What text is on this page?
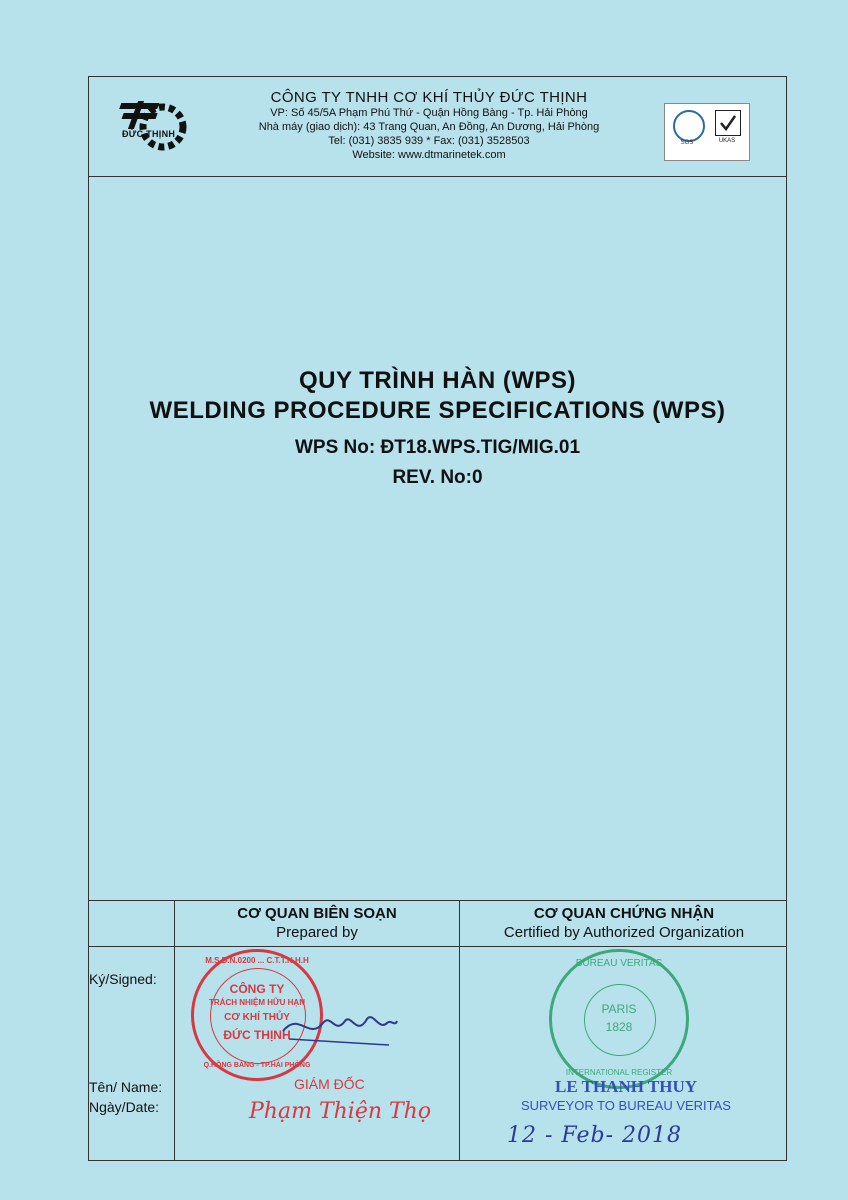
ĐỨC THỊNH
CÔNG TY TNHH CƠ KHÍ THỦY ĐỨC THỊNH
VP: Số 45/5A Phạm Phú Thứ - Quận Hồng Bàng - Tp. Hải Phòng
Nhà máy (giao dịch): 43 Trang Quan, An Đồng, An Dương, Hải Phòng
Tel: (031) 3835 939 * Fax: (031) 3528503
Website: www.dtmarinetek.com
SGS	UKAS
QUY TRÌNH HÀN (WPS)
WELDING PROCEDURE SPECIFICATIONS (WPS)
WPS No: ĐT18.WPS.TIG/MIG.01
REV. No:0
CƠ QUAN BIÊN SOẠN
Prepared by
CƠ QUAN CHỨNG NHẬN
Certified by Authorized Organization
Ký/Signed:
Tên/ Name:
Ngày/Date:
M.S.D.N.0200 ... C.T.T.N.H.H
CÔNG TY
TRÁCH NHIỆM HỮU HẠN
CƠ KHÍ THỦY
ĐỨC THỊNH
Q.HỒNG BÀNG - TP.HẢI PHÒNG
GIÁM ĐỐC
Phạm Thiện Thọ
BUREAU VERITAS
PARIS
1828
INTERNATIONAL REGISTER
LE THANH THUY
SURVEYOR TO BUREAU VERITAS
12 - Feb- 2018
